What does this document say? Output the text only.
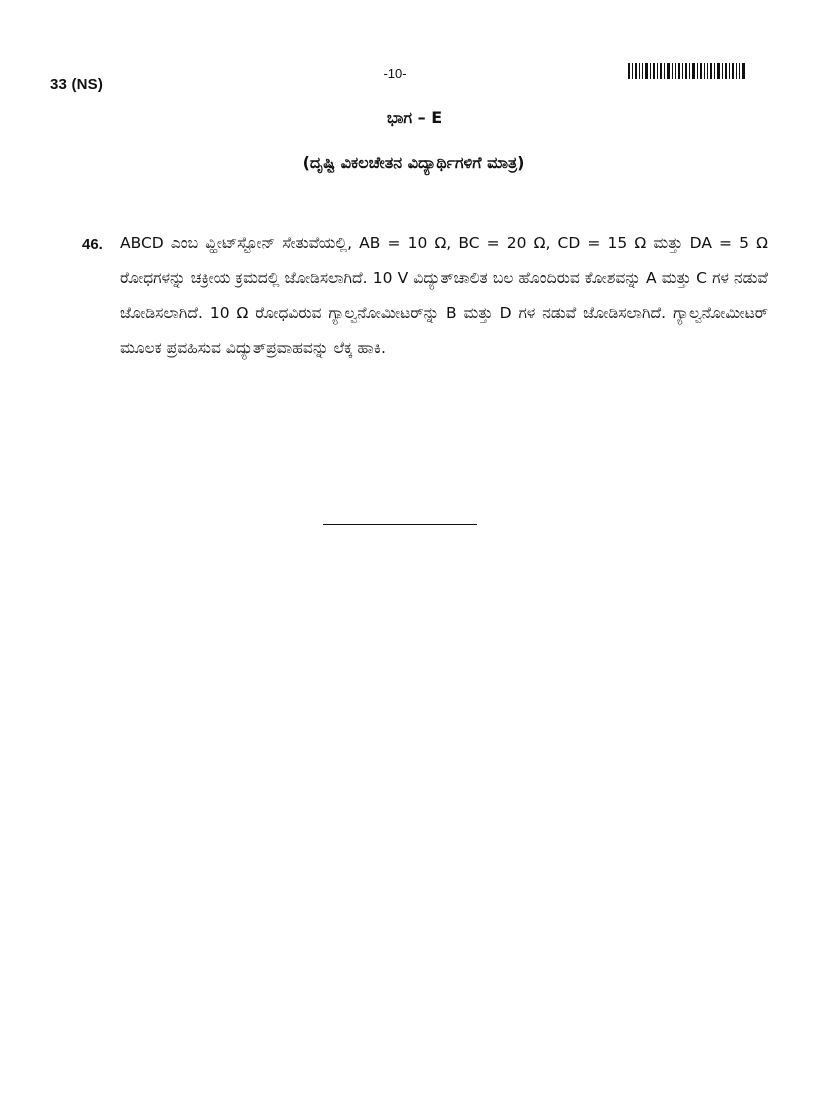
33 (NS)
-10-
ಭಾಗ – E
(ದೃಷ್ಟಿ ವಿಕಲಚೇತನ ವಿದ್ಯಾರ್ಥಿಗಳಿಗೆ ಮಾತ್ರ)
46. ABCD ಎಂಬ ವ್ಹೀಟ್‌ಸ್ಟೋನ್ ಸೇತುವೆಯಲ್ಲಿ, AB = 10 Ω, BC = 20 Ω, CD = 15 Ω ಮತ್ತು DA = 5 Ω ರೋಧಗಳನ್ನು ಚಕ್ರೀಯ ಕ್ರಮದಲ್ಲಿ ಜೋಡಿಸಲಾಗಿದೆ. 10 V ವಿದ್ಯುತ್‌ಚಾಲಿತ ಬಲ ಹೊಂದಿರುವ ಕೋಶವನ್ನು A ಮತ್ತು C ಗಳ ನಡುವೆ ಜೋಡಿಸಲಾಗಿದೆ. 10 Ω ರೋಧವಿರುವ ಗ್ಯಾಲ್ವನೋಮೀಟರ್‌ನ್ನು B ಮತ್ತು D ಗಳ ನಡುವೆ ಜೋಡಿಸಲಾಗಿದೆ. ಗ್ಯಾಲ್ವನೋಮೀಟರ್ ಮೂಲಕ ಪ್ರವಹಿಸುವ ವಿದ್ಯುತ್‌ಪ್ರವಾಹವನ್ನು ಲೆಕ್ಕ ಹಾಕಿ.
